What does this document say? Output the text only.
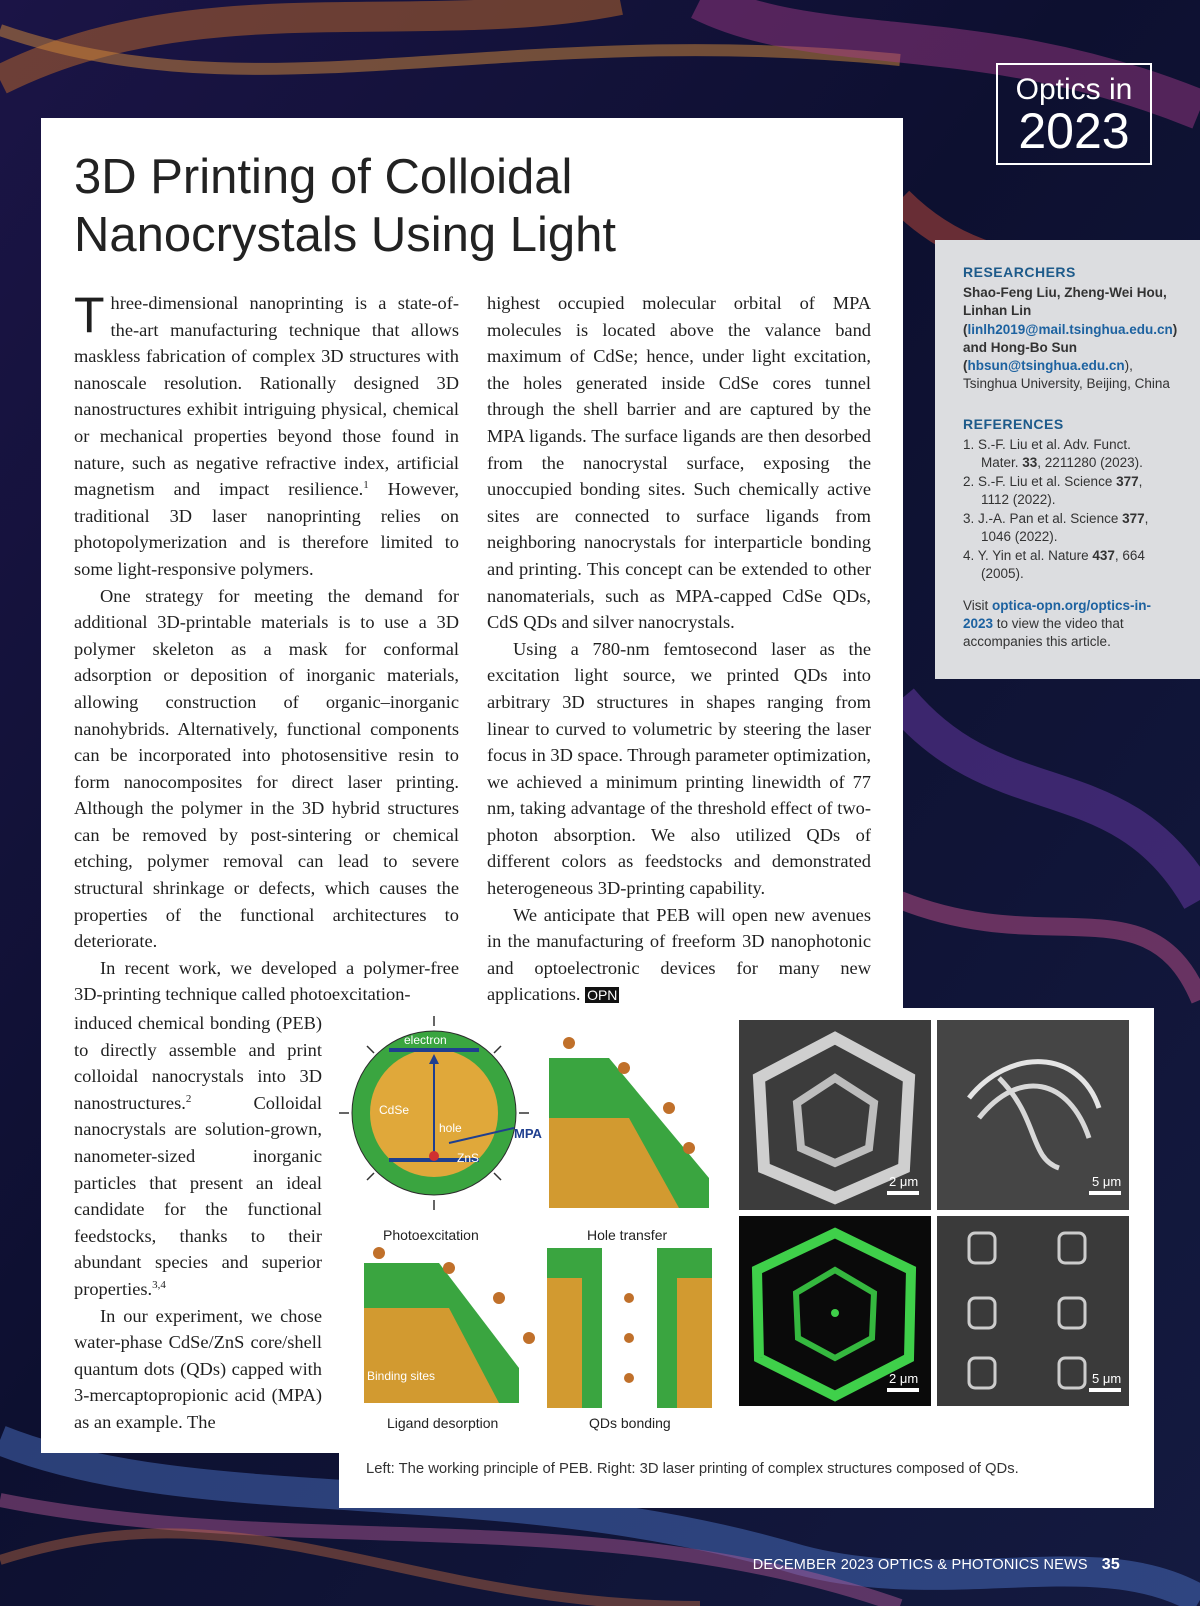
Optics in
2023
3D Printing of Colloidal
Nanocrystals Using Light

Three-dimensional nanoprinting is a state-of-the-art manufacturing technique that allows maskless fabrication of complex 3D structures with nanoscale resolution. Rationally designed 3D nanostructures exhibit intriguing physical, chemical or mechanical properties beyond those found in nature, such as negative refractive index, artificial magnetism and impact resilience.$^1$ However, traditional 3D laser nanoprinting relies on photopolymerization and is therefore limited to some light-responsive polymers.

One strategy for meeting the demand for additional 3D-printable materials is to use a 3D polymer skeleton as a mask for conformal adsorption or deposition of inorganic materials, allowing construction of organic–inorganic nanohybrids. Alternatively, functional components can be incorporated into photosensitive resin to form nanocomposites for direct laser printing. Although the polymer in the 3D hybrid structures can be removed by post-sintering or chemical etching, polymer removal can lead to severe structural shrinkage or defects, which causes the properties of the functional architectures to deteriorate.

In recent work, we developed a polymer-free 3D-printing technique called photoexcitation-

induced chemical bonding (PEB) to directly assemble and print colloidal nanocrystals into 3D nanostructures.$^2$ Colloidal nanocrystals are solution-grown, nanometer-sized inorganic particles that present an ideal candidate for the functional feedstocks, thanks to their abundant species and superior properties.$^{3,4}$

In our experiment, we chose water-phase CdSe/ZnS core/shell quantum dots (QDs) capped with 3-mercaptopropionic acid (MPA) as an example. The

highest occupied molecular orbital of MPA molecules is located above the valance band maximum of CdSe; hence, under light excitation, the holes generated inside CdSe cores tunnel through the shell barrier and are captured by the MPA ligands. The surface ligands are then desorbed from the nanocrystal surface, exposing the unoccupied bonding sites. Such chemically active sites are connected to surface ligands from neighboring nanocrystals for interparticle bonding and printing. This concept can be extended to other nanomaterials, such as MPA-capped CdSe QDs, CdS QDs and silver nanocrystals.

Using a 780-nm femtosecond laser as the excitation light source, we printed QDs into arbitrary 3D structures in shapes ranging from linear to curved to volumetric by steering the laser focus in 3D space. Through parameter optimization, we achieved a minimum printing linewidth of 77 nm, taking advantage of the threshold effect of two-photon absorption. We also utilized QDs of different colors as feedstocks and demonstrated heterogeneous 3D-printing capability.

We anticipate that PEB will open new avenues in the manufacturing of freeform 3D nanophotonic and optoelectronic devices for many new applications. OPN

RESEARCHERS

Shao-Feng Liu, Zheng-Wei Hou, Linhan Lin (linlh2019@mail.tsinghua.edu.cn) and Hong-Bo Sun (hbsun@tsinghua.edu.cn), Tsinghua University, Beijing, China

REFERENCES

1. S.-F. Liu et al. Adv. Funct. Mater. 33, 2211280 (2023).
2. S.-F. Liu et al. Science 377, 1112 (2022).
3. J.-A. Pan et al. Science 377, 1046 (2022).
4. Y. Yin et al. Nature 437, 664 (2005).

Visit optica-opn.org/optics-in-2023 to view the video that accompanies this article.

electron
CdSe
hole
ZnS
MPA
Photoexcitation	Hole transfer
Binding sites
Ligand desorption	QDs bonding
2 μm	5 μm
2 μm	5 μm

Left: The working principle of PEB. Right: 3D laser printing of complex structures composed of QDs.

DECEMBER 2023 OPTICS & PHOTONICS NEWS 35
